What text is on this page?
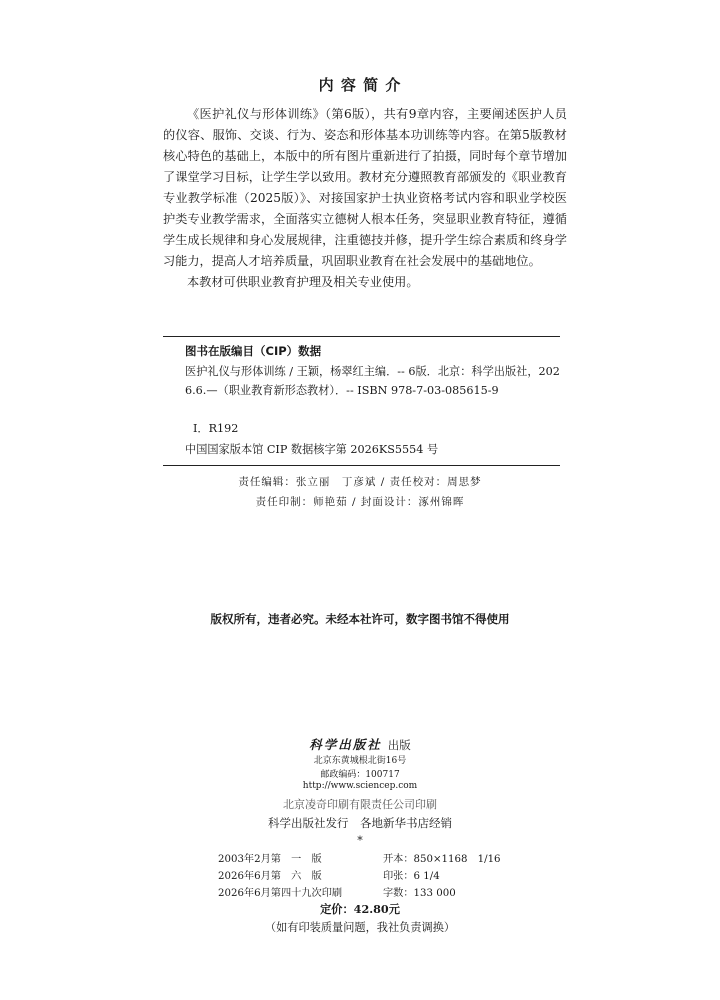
内 容 简 介

《医护礼仪与形体训练》（第6版），共有9章内容，主要阐述医护人员的仪容、服饰、交谈、行为、姿态和形体基本功训练等内容。在第5版教材核心特色的基础上，本版中的所有图片重新进行了拍摄，同时每个章节增加了课堂学习目标，让学生学以致用。教材充分遵照教育部颁发的《职业教育专业教学标准（2025版）》、对接国家护士执业资格考试内容和职业学校医护类专业教学需求，全面落实立德树人根本任务，突显职业教育特征，遵循学生成长规律和身心发展规律，注重德技并修，提升学生综合素质和终身学习能力，提高人才培养质量，巩固职业教育在社会发展中的基础地位。

本教材可供职业教育护理及相关专业使用。

图书在版编目（CIP）数据
医护礼仪与形体训练 / 王颖，杨翠红主编．-- 6版．北京：科学出版社，2026.6.—（职业教育新形态教材）．-- ISBN 978-7-03-085615-9
Ⅰ．R192
中国国家版本馆 CIP 数据核字第 2026KS5554 号
责任编辑：张立丽　丁彦斌 / 责任校对：周思梦
责任印制：师艳茹 / 封面设计：涿州锦晖
版权所有，违者必究。未经本社许可，数字图书馆不得使用
科学出版社 出版
北京东黄城根北街16号
邮政编码：100717
http://www.sciencep.com
北京凌奇印刷有限责任公司印刷
科学出版社发行　各地新华书店经销
*
2003年2月第　一　版	开本：850×1168　1/16
2026年6月第　六　版	印张：6 1/4
2026年6月第四十九次印刷	字数：133 000
定价：42.80元
（如有印装质量问题，我社负责调换）
